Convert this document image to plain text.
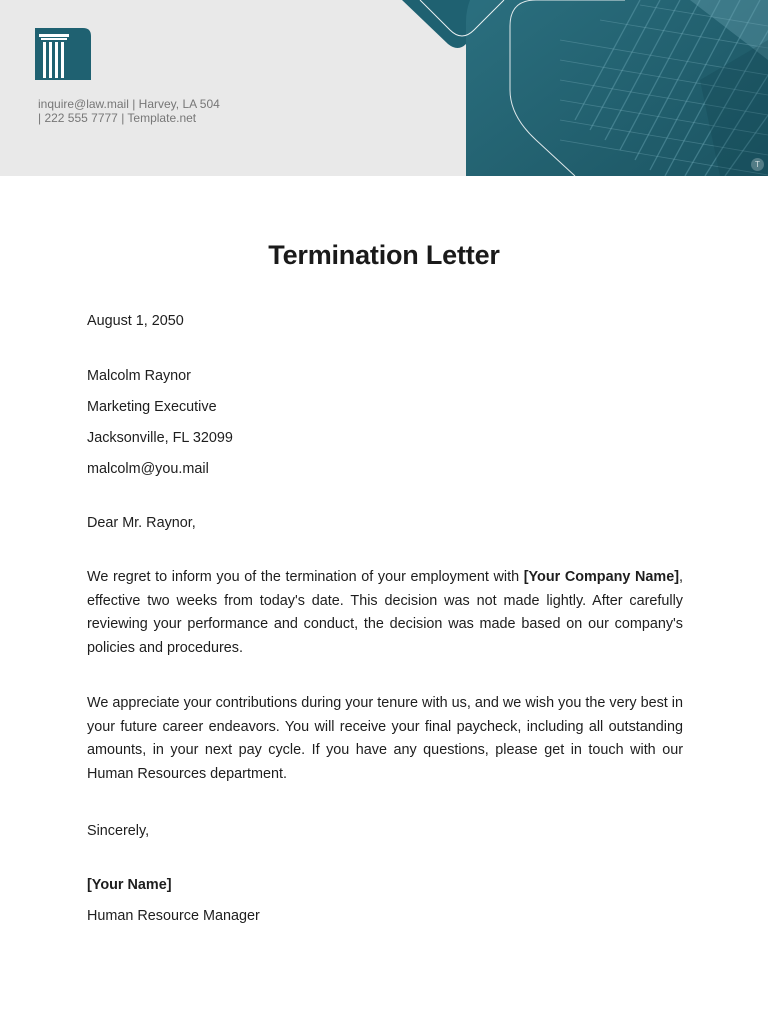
inquire@law.mail | Harvey, LA 504
| 222 555 7777 | Template.net
T
Termination Letter
August 1, 2050
Malcolm Raynor
Marketing Executive
Jacksonville, FL 32099
malcolm@you.mail
Dear Mr. Raynor,
We regret to inform you of the termination of your employment with [Your Company Name], effective two weeks from today's date. This decision was not made lightly. After carefully reviewing your performance and conduct, the decision was made based on our company's policies and procedures.
We appreciate your contributions during your tenure with us, and we wish you the very best in your future career endeavors. You will receive your final paycheck, including all outstanding amounts, in your next pay cycle. If you have any questions, please get in touch with our Human Resources department.
Sincerely,
[Your Name]
Human Resource Manager
